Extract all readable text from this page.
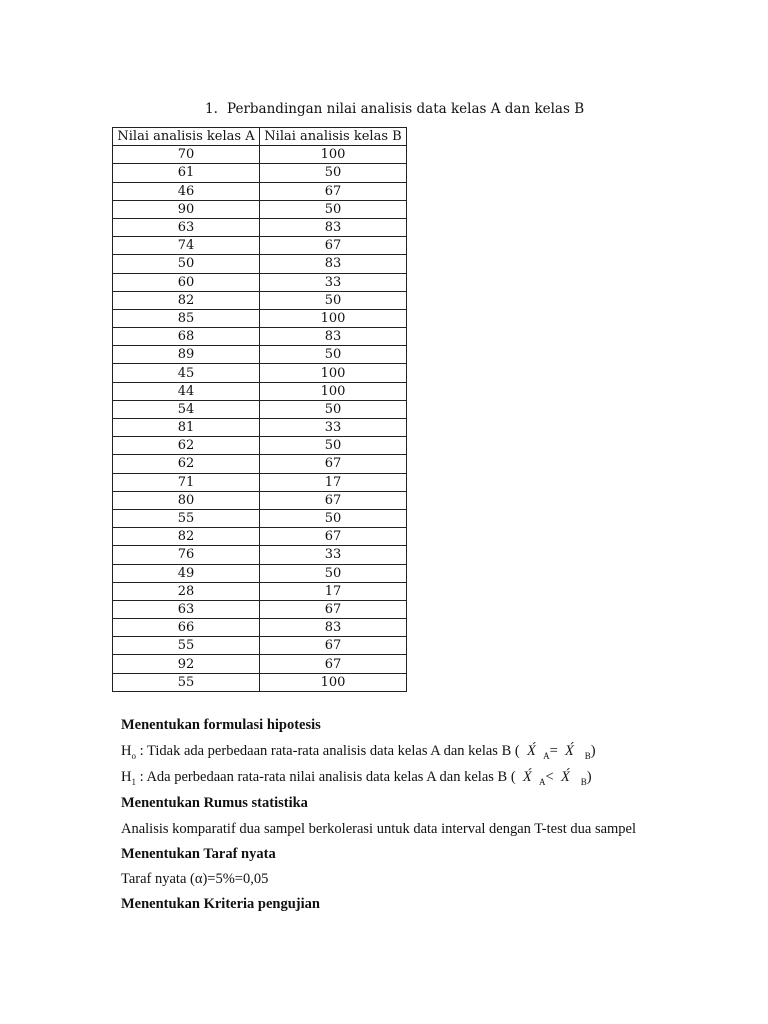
1. Perbandingan nilai analisis data kelas A dan kelas B
Nilai analisis kelas A	Nilai analisis kelas B
70	100
61	50
46	67
90	50
63	83
74	67
50	83
60	33
82	50
85	100
68	83
89	50
45	100
44	100
54	50
81	33
62	50
62	67
71	17
80	67
55	50
82	67
76	33
49	50
28	17
63	67
66	83
55	67
92	67
55	100
Menentukan formulasi hipotesis
$H_o$ : Tidak ada perbedaan rata-rata analisis data kelas A dan kelas B (  X́ $_A$= X́ $_B$)
$H_1$ : Ada perbedaan rata-rata nilai analisis data kelas A dan kelas B (  X́ $_A$< X́ $_B$)
Menentukan Rumus statistika
Analisis komparatif dua sampel berkolerasi untuk data interval dengan T-test dua sampel
Menentukan Taraf nyata
Taraf nyata (α)=5%=0,05
Menentukan Kriteria pengujian
